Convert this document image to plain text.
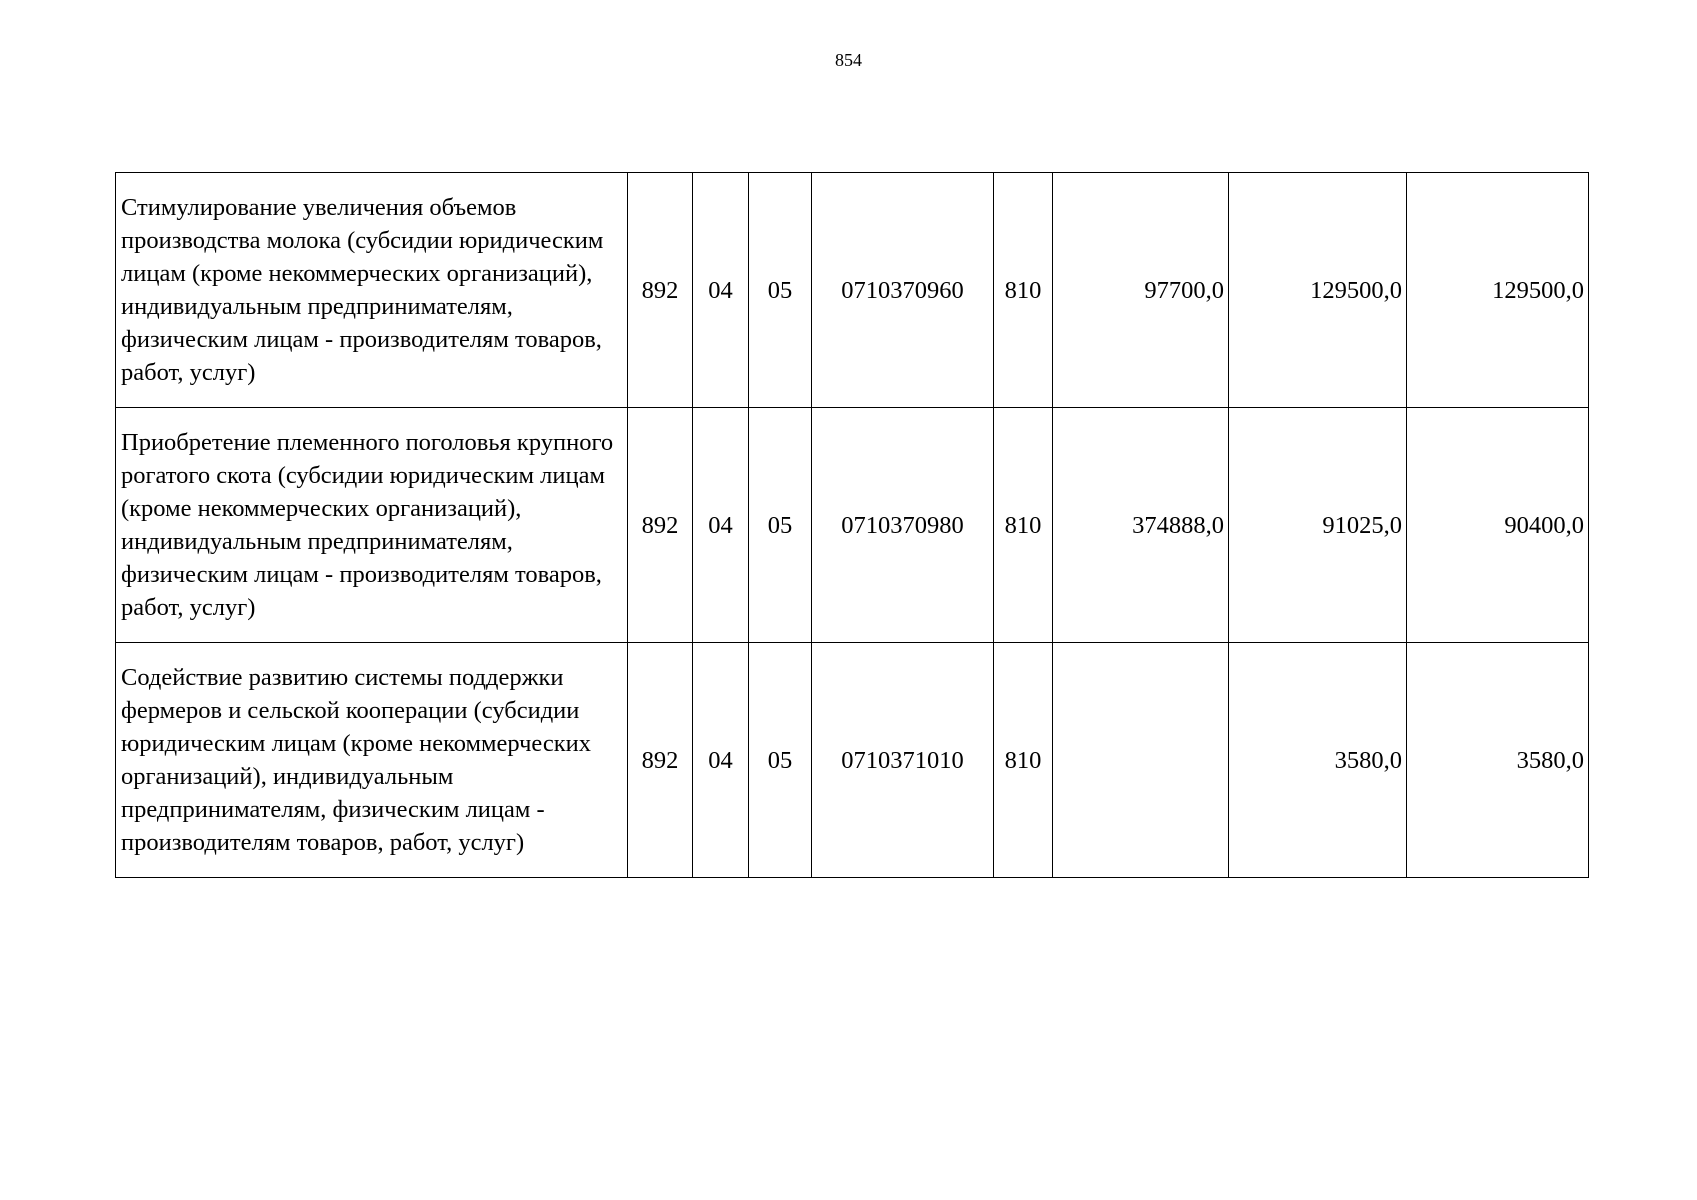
854
Стимулирование увеличения объемов производства молока (субсидии юридическим лицам (кроме некоммерческих организаций), индивидуальным предпринимателям, физическим лицам - производителям товаров, работ, услуг)	892	04	05	0710370960	810	97700,0	129500,0	129500,0
Приобретение племенного поголовья крупного рогатого скота (субсидии юридическим лицам (кроме некоммерческих организаций), индивидуальным предпринимателям, физическим лицам - производителям товаров, работ, услуг)	892	04	05	0710370980	810	374888,0	91025,0	90400,0
Содействие развитию системы поддержки фермеров и сельской кооперации (субсидии юридическим лицам (кроме некоммерческих организаций), индивидуальным предпринимателям, физическим лицам - производителям товаров, работ, услуг)	892	04	05	0710371010	810		3580,0	3580,0
